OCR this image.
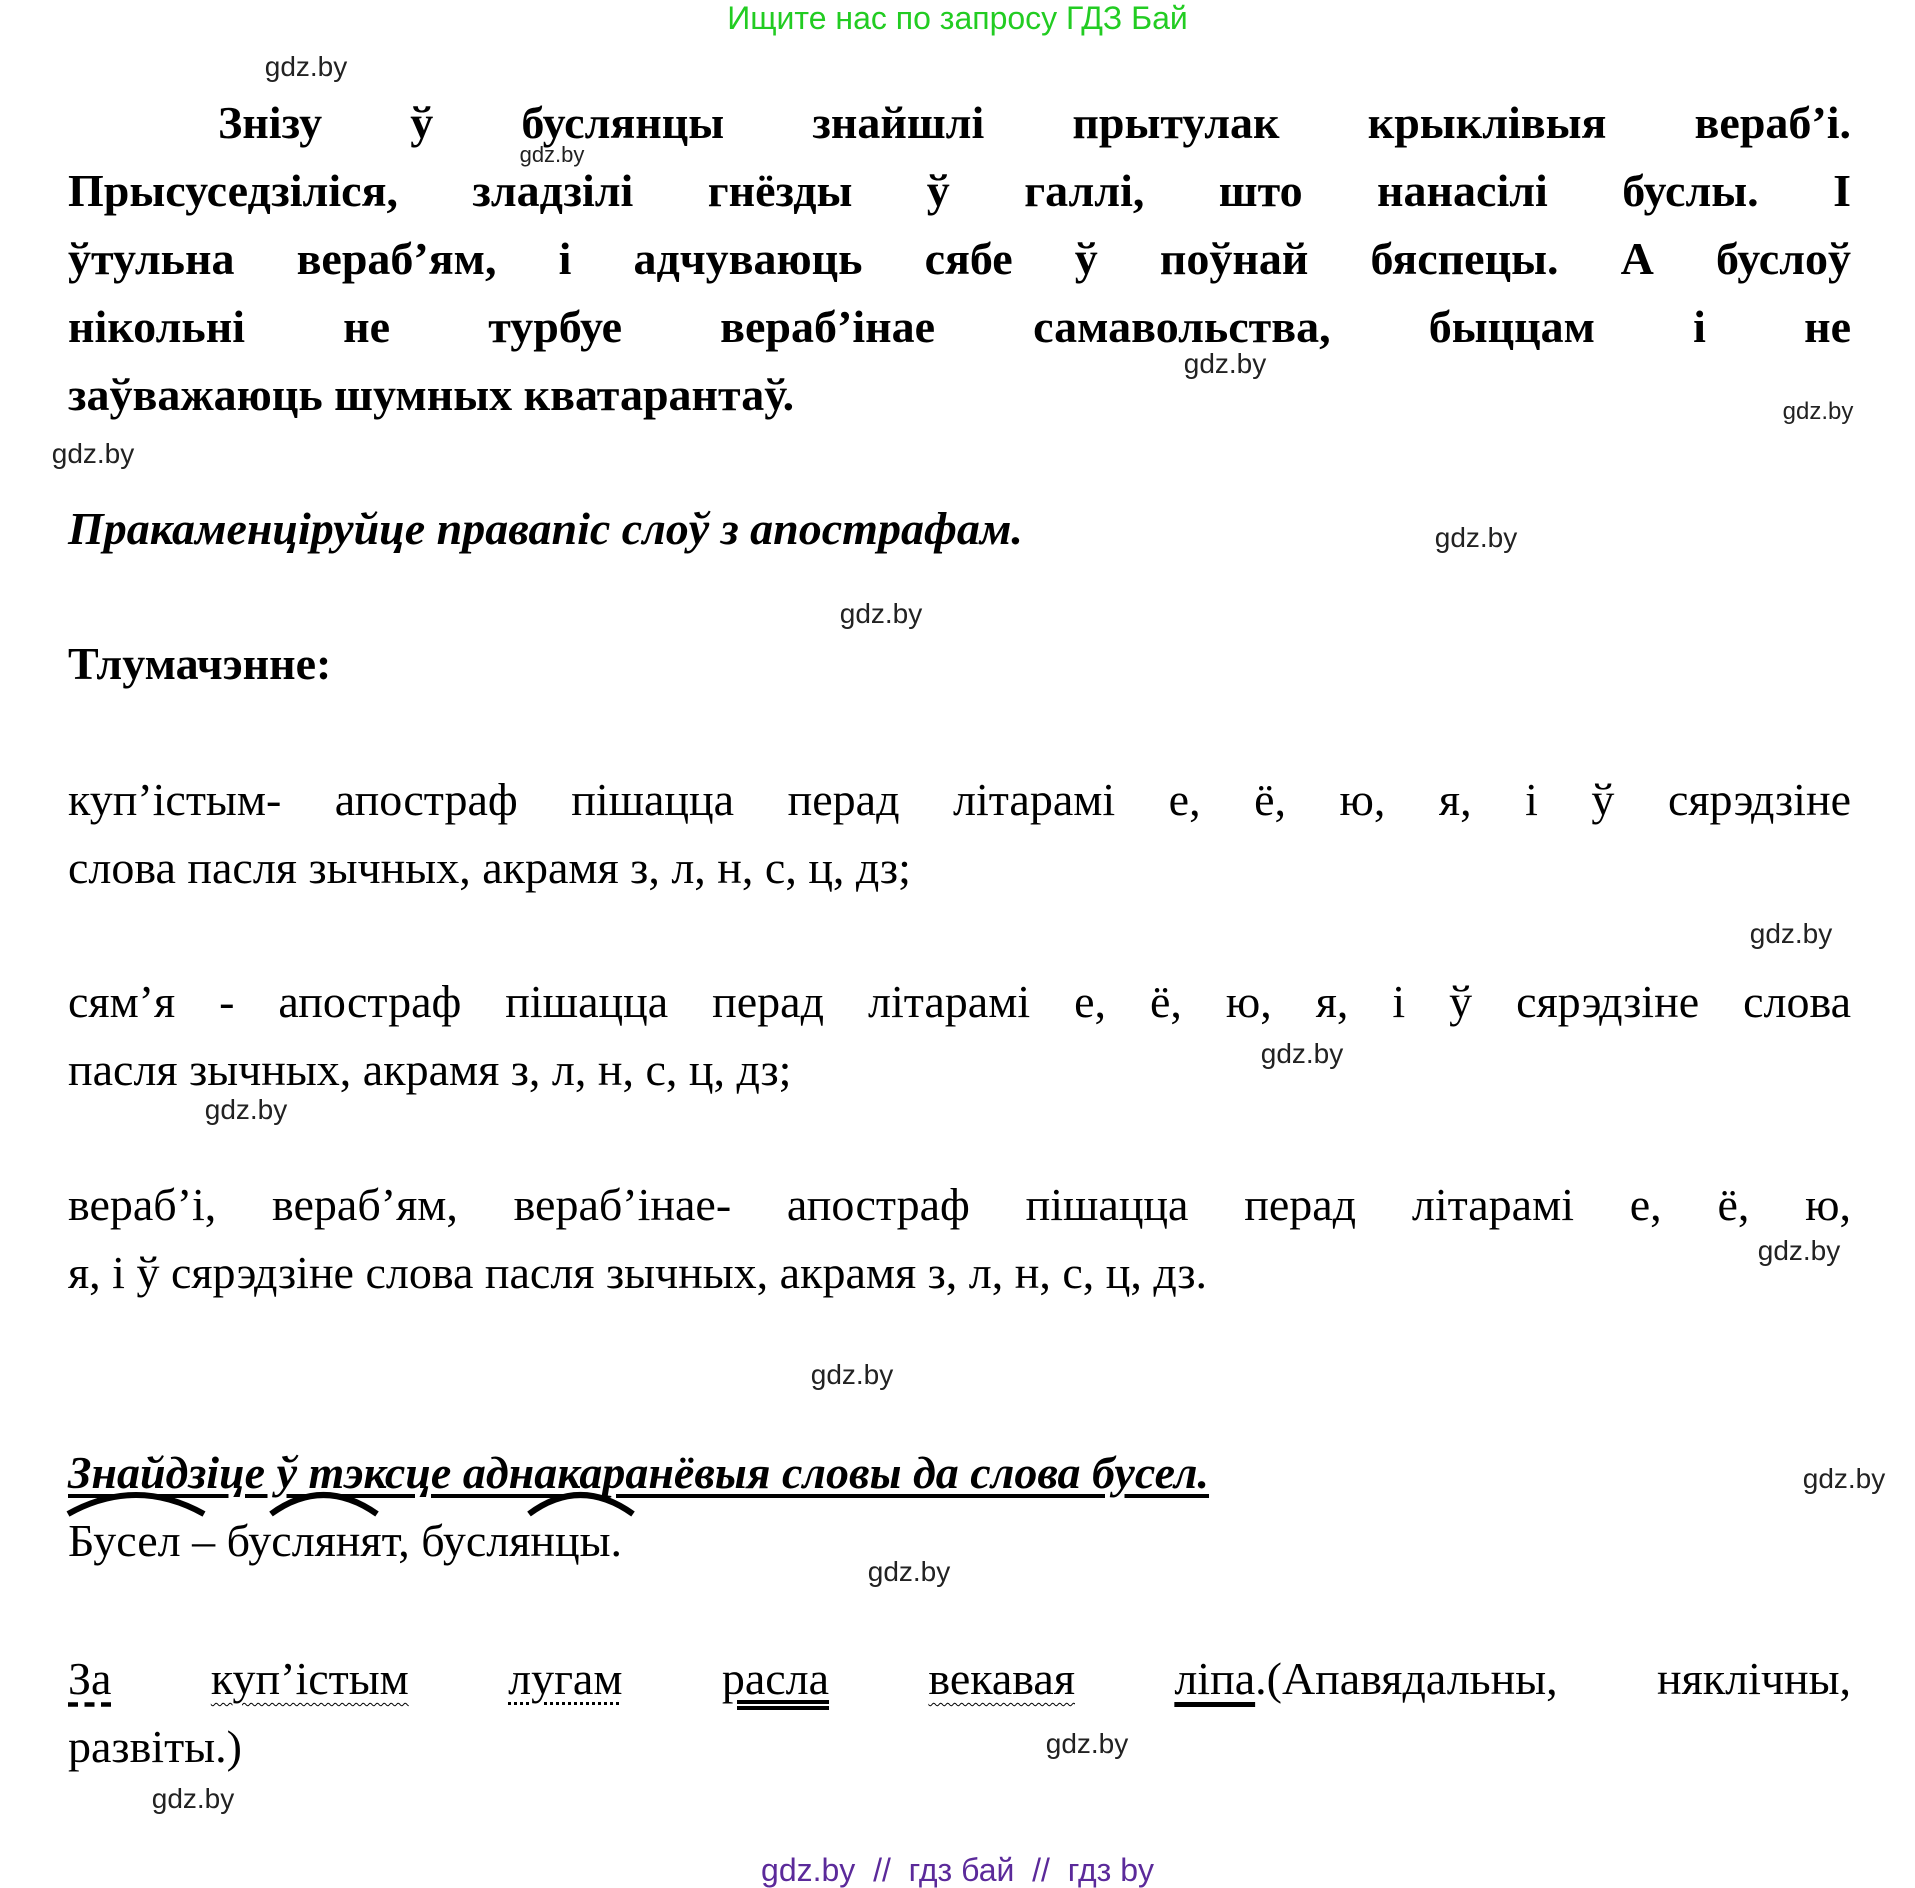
Ищите нас по запросу ГДЗ Бай
Знізу ў буслянцы знайшлі прытулак крыклівыя вераб’і.
Прысуседзіліся, зладзілі гнёзды ў галлі, што нанасілі буслы. І
ўтульна вераб’ям, і адчуваюць сябе ў поўнай бяспецы. А буслоў
нікольні не турбуе вераб’інае самавольства, быццам і не
заўважаюць шумных кватарантаў.
Пракаменціруйце правапіс слоў з апострафам.
Тлумачэнне:
куп’істым- апостраф пішацца перад літарамі е, ё, ю, я, і ў сярэдзіне
слова пасля зычных, акрамя з, л, н, с, ц, дз;
сям’я - апостраф пішацца перад літарамі е, ё, ю, я, і ў сярэдзіне слова
пасля зычных, акрамя з, л, н, с, ц, дз;
вераб’і, вераб’ям, вераб’інае- апостраф пішацца перад літарамі е, ё, ю,
я, і ў сярэдзіне слова пасля зычных, акрамя з, л, н, с, ц, дз.
Знайдзіце ў тэксце аднакаранёвыя словы да слова бусел.
Бусел – буслянят, буслянцы.
За куп’істым лугам расла векавая ліпа.(Апавядальны, няклічны,
развіты.)
gdz.by
gdz.by
gdz.by
gdz.by
gdz.by
gdz.by
gdz.by
gdz.by
gdz.by
gdz.by
gdz.by
gdz.by
gdz.by
gdz.by
gdz.by
gdz.by
gdz.by  //  гдз бай  //  гдз by
